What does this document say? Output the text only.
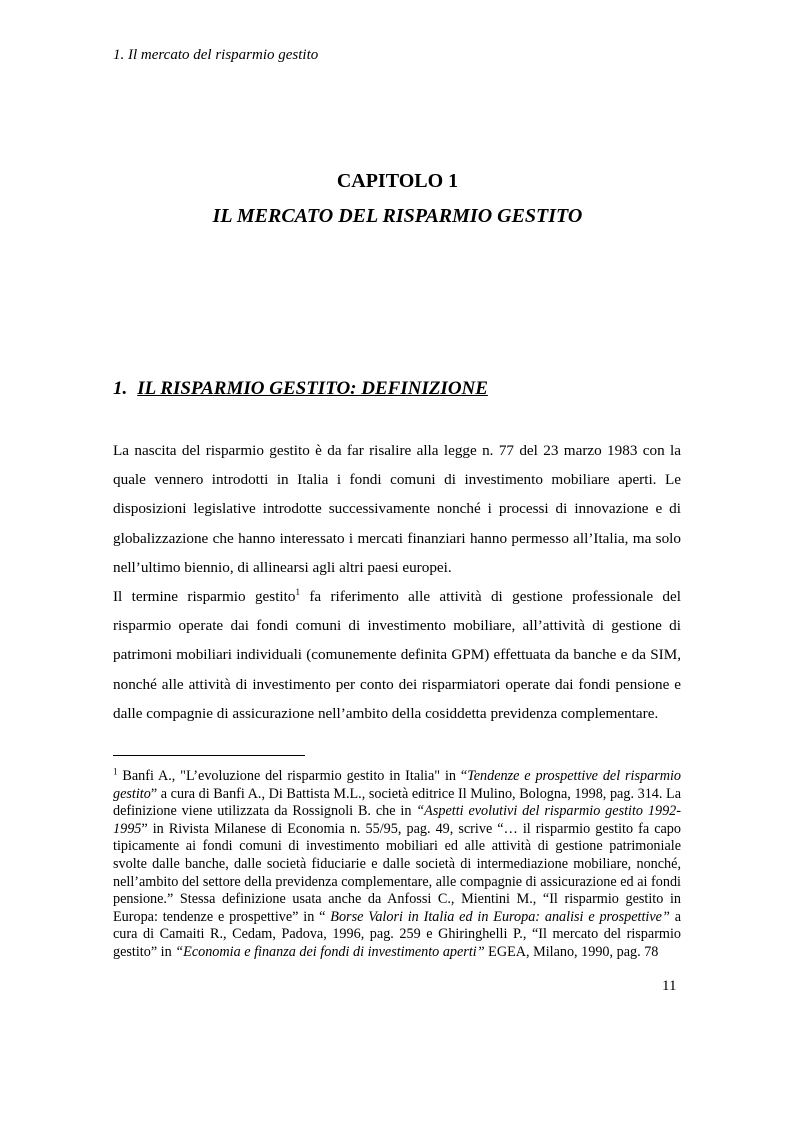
1. Il mercato del risparmio gestito
CAPITOLO 1
IL MERCATO DEL RISPARMIO GESTITO
1. IL RISPARMIO GESTITO: DEFINIZIONE

La nascita del risparmio gestito è da far risalire alla legge n. 77 del 23 marzo 1983 con la quale vennero introdotti in Italia i fondi comuni di investimento mobiliare aperti. Le disposizioni legislative introdotte successivamente nonché i processi di innovazione e di globalizzazione che hanno interessato i mercati finanziari hanno permesso all’Italia, ma solo nell’ultimo biennio, di allinearsi agli altri paesi europei.

Il termine risparmio gestito$^1$ fa riferimento alle attività di gestione professionale del risparmio operate dai fondi comuni di investimento mobiliare, all’attività di gestione di patrimoni mobiliari individuali (comunemente definita GPM) effettuata da banche e da SIM, nonché alle attività di investimento per conto dei risparmiatori operate dai fondi pensione e dalle compagnie di assicurazione nell’ambito della cosiddetta previdenza complementare.

$^1$ Banfi A., "L’evoluzione del risparmio gestito in Italia" in “Tendenze e prospettive del risparmio gestito” a cura di Banfi A., Di Battista M.L., società editrice Il Mulino, Bologna, 1998, pag. 314. La definizione viene utilizzata da Rossignoli B. che in “Aspetti evolutivi del risparmio gestito 1992-1995” in Rivista Milanese di Economia n. 55/95, pag. 49, scrive “… il risparmio gestito fa capo tipicamente ai fondi comuni di investimento mobiliari ed alle attività di gestione patrimoniale svolte dalle banche, dalle società fiduciarie e dalle società di intermediazione mobiliare, nonché, nell’ambito del settore della previdenza complementare, alle compagnie di assicurazione ed ai fondi pensione.” Stessa definizione usata anche da Anfossi C., Mientini M., “Il risparmio gestito in Europa: tendenze e prospettive” in “ Borse Valori in Italia ed in Europa: analisi e prospettive” a cura di Camaiti R., Cedam, Padova, 1996, pag. 259 e Ghiringhelli P., “Il mercato del risparmio gestito” in “Economia e finanza dei fondi di investimento aperti” EGEA, Milano, 1990, pag. 78
11
